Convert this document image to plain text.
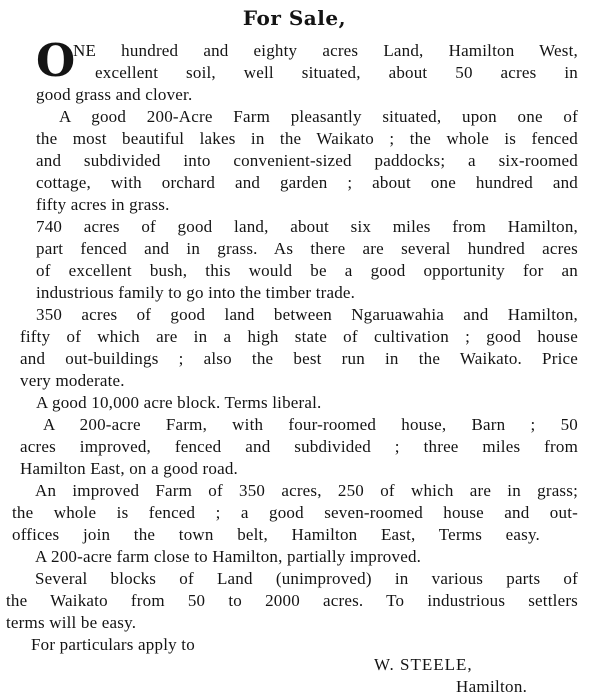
For Sale,
O
NE hundred and eighty acres Land, Hamilton West,
excellent soil, well situated, about 50 acres in
good grass and clover.
A good 200-Acre Farm pleasantly situated, upon one of
the most beautiful lakes in the Waikato ; the whole is fenced
and subdivided into convenient-sized paddocks; a six-roomed
cottage, with orchard and garden ; about one hundred and
fifty acres in grass.
740 acres of good land, about six miles from Hamilton,
part fenced and in grass. As there are several hundred acres
of excellent bush, this would be a good opportunity for an
industrious family to go into the timber trade.
350 acres of good land between Ngaruawahia and Hamilton,
fifty of which are in a high state of cultivation ; good house
and out-buildings ; also the best run in the Waikato. Price
very moderate.
A good 10,000 acre block. Terms liberal.
A 200-acre Farm, with four-roomed house, Barn ; 50
acres improved, fenced and subdivided ; three miles from
Hamilton East, on a good road.
An improved Farm of 350 acres, 250 of which are in grass;
the whole is fenced ; a good seven-roomed house and out-
offices join the town belt, Hamilton East, Terms easy.
A 200-acre farm close to Hamilton, partially improved.
Several blocks of Land (unimproved) in various parts of
the Waikato from 50 to 2000 acres. To industrious settlers
terms will be easy.
For particulars apply to
W. STEELE,
Hamilton.
